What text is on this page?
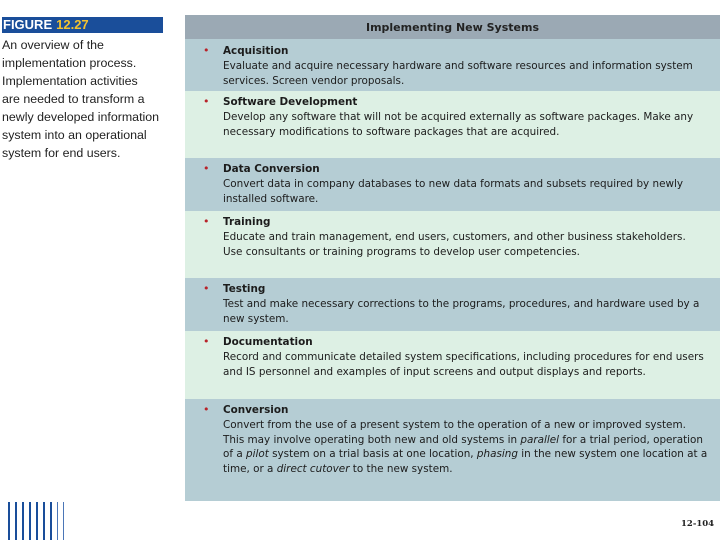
FIGURE 12.27
An overview of the
implementation process.
Implementation activities
are needed to transform a
newly developed information
system into an operational
system for end users.
Implementing New Systems
• Acquisition
Evaluate and acquire necessary hardware and software resources and information system services. Screen vendor proposals.
• Software Development
Develop any software that will not be acquired externally as software packages. Make any necessary modifications to software packages that are acquired.
• Data Conversion
Convert data in company databases to new data formats and subsets required by newly installed software.
• Training
Educate and train management, end users, customers, and other business stakeholders. Use consultants or training programs to develop user competencies.
• Testing
Test and make necessary corrections to the programs, procedures, and hardware used by a new system.
• Documentation
Record and communicate detailed system specifications, including procedures for end users and IS personnel and examples of input screens and output displays and reports.
• Conversion
Convert from the use of a present system to the operation of a new or improved system. This may involve operating both new and old systems in parallel for a trial period, operation of a pilot system on a trial basis at one location, phasing in the new system one location at a time, or a direct cutover to the new system.
12-104
